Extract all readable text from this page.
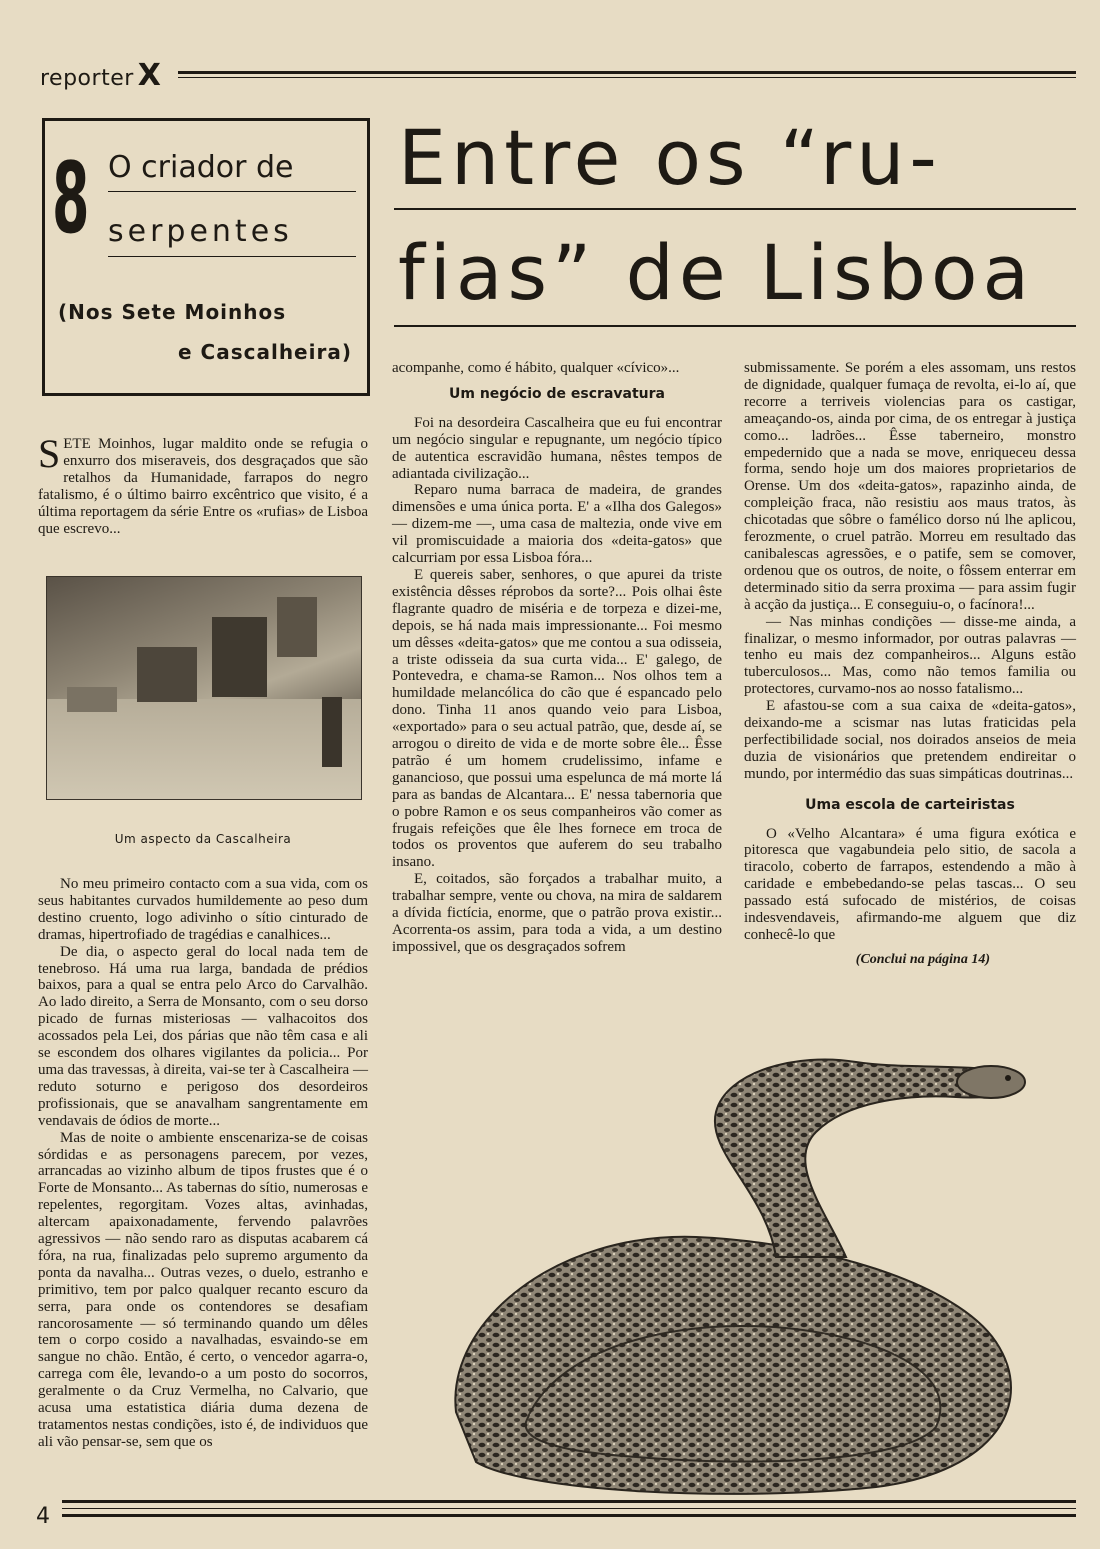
reporter X
8 O criador de
serpentes
(Nos Sete Moinhos
e Cascalheira)
Entre os “ru-
fias” de Lisboa

SETE Moinhos, lugar maldito onde se refugia o enxurro dos miseraveis, dos desgraçados que são retalhos da Humanidade, farrapos do negro fatalismo, é o último bairro excêntrico que visito, é a última reportagem da série Entre os «rufias» de Lisboa que escrevo...

Um aspecto da Cascalheira

No meu primeiro contacto com a sua vida, com os seus habitantes curvados humildemente ao peso dum destino cruento, logo adivinho o sítio cinturado de dramas, hipertrofiado de tragédias e canalhices...

De dia, o aspecto geral do local nada tem de tenebroso. Há uma rua larga, bandada de prédios baixos, para a qual se entra pelo Arco do Carvalhão. Ao lado direito, a Serra de Monsanto, com o seu dorso picado de furnas misteriosas — valhacoitos dos acossados pela Lei, dos párias que não têm casa e ali se escondem dos olhares vigilantes da policia... Por uma das travessas, à direita, vai-se ter à Cascalheira — reduto soturno e perigoso dos desordeiros profissionais, que se anavalham sangrentamente em vendavais de ódios de morte...

Mas de noite o ambiente enscenariza-se de coisas sórdidas e as personagens parecem, por vezes, arrancadas ao vizinho album de tipos frustes que é o Forte de Monsanto... As tabernas do sítio, numerosas e repelentes, regorgitam. Vozes altas, avinhadas, altercam apaixonadamente, fervendo palavrões agressivos — não sendo raro as disputas acabarem cá fóra, na rua, finalizadas pelo supremo argumento da ponta da navalha... Outras vezes, o duelo, estranho e primitivo, tem por palco qualquer recanto escuro da serra, para onde os contendores se desafiam rancorosamente — só terminando quando um dêles tem o corpo cosido a navalhadas, esvaindo-se em sangue no chão. Então, é certo, o vencedor agarra-o, carrega com êle, levando-o a um posto do socorros, geralmente o da Cruz Vermelha, no Calvario, que acusa uma estatistica diária duma dezena de tratamentos nestas condições, isto é, de individuos que ali vão pensar-se, sem que os

acompanhe, como é hábito, qualquer «cívico»...

Um negócio de escravatura

Foi na desordeira Cascalheira que eu fui encontrar um negócio singular e repugnante, um negócio típico de autentica escravidão humana, nêstes tempos de adiantada civilização...

Reparo numa barraca de madeira, de grandes dimensões e uma única porta. E' a «Ilha dos Galegos» — dizem-me —, uma casa de maltezia, onde vive em vil promiscuidade a maioria dos «deita-gatos» que calcurriam por essa Lisboa fóra...

E quereis saber, senhores, o que apurei da triste existência dêsses réprobos da sorte?... Pois olhai êste flagrante quadro de miséria e de torpeza e dizei-me, depois, se há nada mais impressionante... Foi mesmo um dêsses «deita-gatos» que me contou a sua odisseia, a triste odisseia da sua curta vida... E' galego, de Pontevedra, e chama-se Ramon... Nos olhos tem a humildade melancólica do cão que é espancado pelo dono. Tinha 11 anos quando veio para Lisboa, «exportado» para o seu actual patrão, que, desde aí, se arrogou o direito de vida e de morte sobre êle... Êsse patrão é um homem crudelissimo, infame e ganancioso, que possui uma espelunca de má morte lá para as bandas de Alcantara... E' nessa tabernoria que o pobre Ramon e os seus companheiros vão comer as frugais refeições que êle lhes fornece em troca de todos os proventos que auferem do seu trabalho insano.

E, coitados, são forçados a trabalhar muito, a trabalhar sempre, vente ou chova, na mira de saldarem a dívida fictícia, enorme, que o patrão prova existir... Acorrenta-os assim, para toda a vida, a um destino impossivel, que os desgraçados sofrem

submissamente. Se porém a eles assomam, uns restos de dignidade, qualquer fumaça de revolta, ei-lo aí, que recorre a terriveis violencias para os castigar, ameaçando-os, ainda por cima, de os entregar à justiça como... ladrões... Êsse taberneiro, monstro empedernido que a nada se move, enriqueceu dessa forma, sendo hoje um dos maiores proprietarios de Orense. Um dos «deita-gatos», rapazinho ainda, de compleição fraca, não resistiu aos maus tratos, às chicotadas que sôbre o famélico dorso nú lhe aplicou, ferozmente, o cruel patrão. Morreu em resultado das canibalescas agressões, e o patife, sem se comover, ordenou que os outros, de noite, o fôssem enterrar em determinado sitio da serra proxima — para assim fugir à acção da justiça... E conseguiu-o, o facínora!...

— Nas minhas condições — disse-me ainda, a finalizar, o mesmo informador, por outras palavras — tenho eu mais dez companheiros... Alguns estão tuberculosos... Mas, como não temos familia ou protectores, curvamo-nos ao nosso fatalismo...

E afastou-se com a sua caixa de «deita-gatos», deixando-me a scismar nas lutas fraticidas pela perfectibilidade social, nos doirados anseios de meia duzia de visionários que pretendem endireitar o mundo, por intermédio das suas simpáticas doutrinas...

Uma escola de carteiristas

O «Velho Alcantara» é uma figura exótica e pitoresca que vagabundeia pelo sitio, de sacola a tiracolo, coberto de farrapos, estendendo a mão à caridade e embebedando-se pelas tascas... O seu passado está sufocado de mistérios, de coisas indesvendaveis, afirmando-me alguem que diz conhecê-lo que

(Conclui na página 14)
4
